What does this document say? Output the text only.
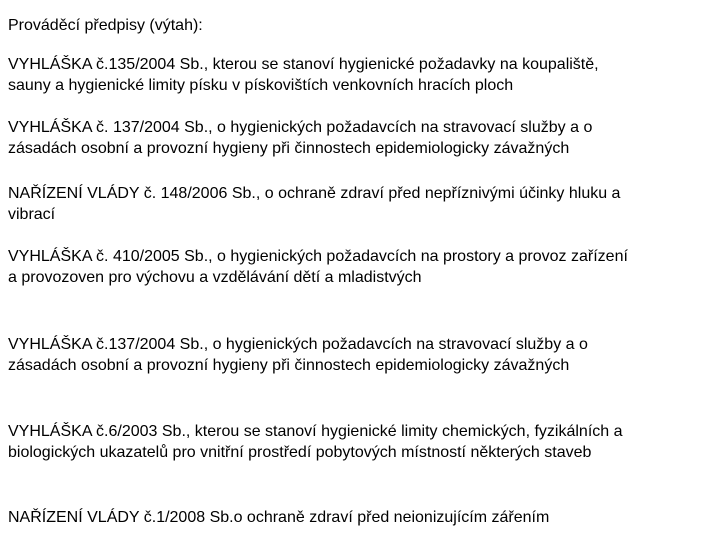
Prováděcí předpisy (výtah):
VYHLÁŠKA č.135/2004 Sb., kterou se stanoví hygienické požadavky na koupaliště,
sauny a hygienické limity písku v pískovištích venkovních hracích ploch
VYHLÁŠKA č. 137/2004 Sb., o hygienických požadavcích na stravovací služby a o
zásadách osobní a provozní hygieny při činnostech epidemiologicky závažných
NAŘÍZENÍ VLÁDY č. 148/2006 Sb., o ochraně zdraví před nepříznivými účinky hluku a
vibrací
VYHLÁŠKA č. 410/2005 Sb., o hygienických požadavcích na prostory a provoz zařízení
a provozoven pro výchovu a vzdělávání dětí a mladistvých
VYHLÁŠKA č.137/2004 Sb., o hygienických požadavcích na stravovací služby a o
zásadách osobní a provozní hygieny při činnostech epidemiologicky závažných
VYHLÁŠKA č.6/2003 Sb., kterou se stanoví hygienické limity chemických, fyzikálních a
biologických ukazatelů pro vnitřní prostředí pobytových místností některých staveb
NAŘÍZENÍ VLÁDY č.1/2008 Sb.o ochraně zdraví před neionizujícím zářením
